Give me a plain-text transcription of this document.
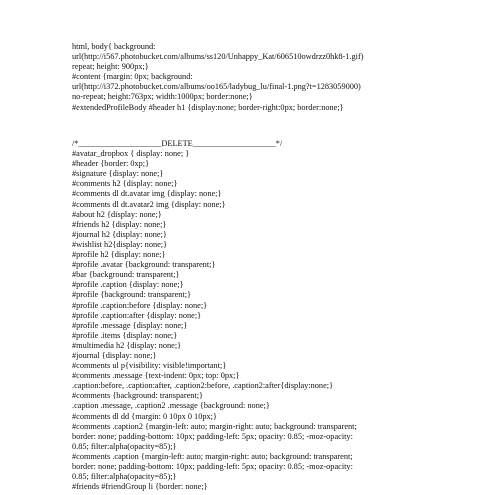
html, body{ background:
url(http://i567.photobucket.com/albums/ss120/Unhappy_Kat/606510owdrzz0hk8-1.gif)
repeat; height: 900px;}
#content {margin: 0px; background:
url(http://i372.photobucket.com/albums/oo165/ladybug_lu/final-1.png?t=1283059000)
no-repeat; height:763px; width:1000px; border:none;}
#extendedProfileBody #header h1 {display:none; border-right:0px; border:none;}
/*____________________DELETE____________________*/
#avatar_dropbox { display: none; }
#header {border: 0xp;}
#signature {display: none;}
#comments h2 {display: none;}
#comments dl dt.avatar img {display: none;}
#comments dl dt.avatar2 img {display: none;}
#about h2 {display: none;}
#friends h2 {display: none;}
#journal h2 {display: none;}
#wishlist h2{display: none;}
#profile h2 {display: none;}
#profile .avatar {background: transparent;}
#bar {background: transparent;}
#profile .caption {display: none;}
#profile {background: transparent;}
#profile .caption:before {display: none;}
#profile .caption:after {display: none;}
#profile .message {display: none;}
#profile .items {display: none;}
#multimedia h2 {display: none;}
#journal {display: none;}
#comments ul p{visibility: visible!important;}
#comments .message {text-indent: 0px; top: 0px;}
.caption:before, .caption:after, .caption2:before, .caption2:after{display:none;}
#comments {background: transparent;}
.caption .message, .caption2 .message {background: none;}
#comments dl dd {margin: 0 10px 0 10px;}
#comments .caption2 {margin-left: auto; margin-right: auto; background: transparent;
border: none; padding-bottom: 10px; padding-left: 5px; opacity: 0.85; -moz-opacity:
0.85; filter:alpha(opacity=85);}
#comments .caption {margin-left: auto; margin-right: auto; background: transparent;
border: none; padding-bottom: 10px; padding-left: 5px; opacity: 0.85; -moz-opacity:
0.85; filter:alpha(opacity=85);}
#friends #friendGroup li {border: none;}
